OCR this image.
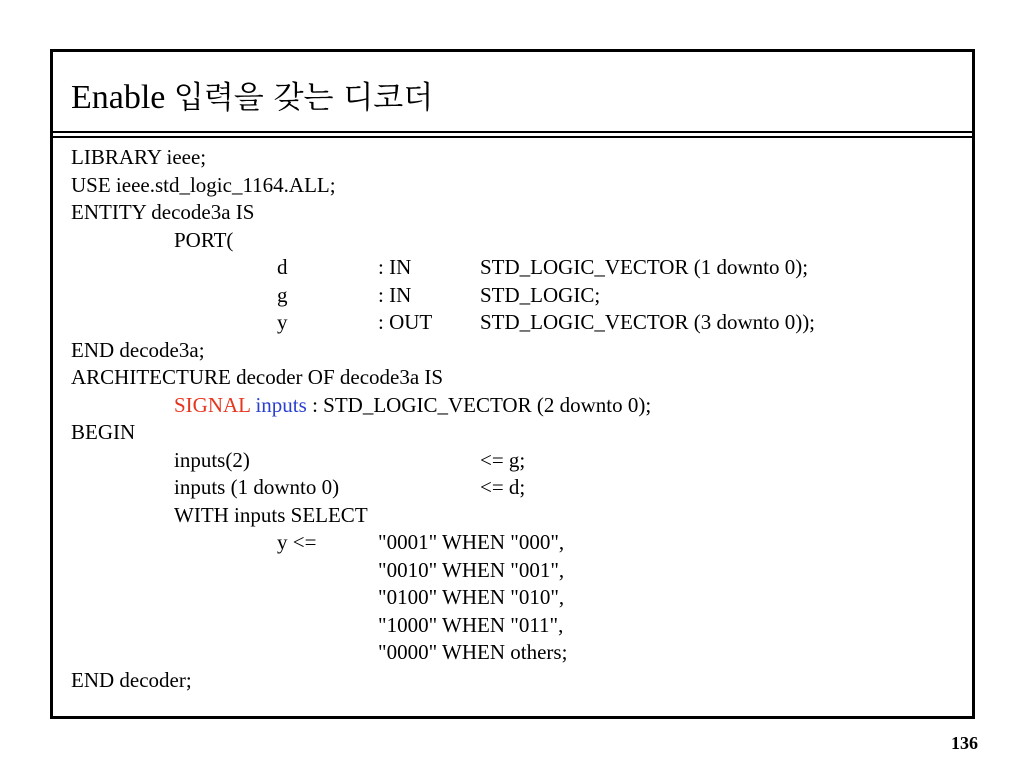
Enable 입력을 갖는 디코더
LIBRARY ieee;
USE ieee.std_logic_1164.ALL;
ENTITY decode3a IS
PORT(
d	: IN	STD_LOGIC_VECTOR (1 downto 0);
g	: IN	STD_LOGIC;
y	: OUT STD_LOGIC_VECTOR (3 downto 0));
END decode3a;
ARCHITECTURE decoder OF decode3a IS
SIGNAL inputs : STD_LOGIC_VECTOR (2 downto 0);
BEGIN
inputs(2)	<= g;
inputs (1 downto 0)	<= d;
WITH inputs SELECT
y <=	"0001" WHEN "000",
"0010" WHEN "001",
"0100" WHEN "010",
"1000" WHEN "011",
"0000" WHEN others;
END decoder;
136
